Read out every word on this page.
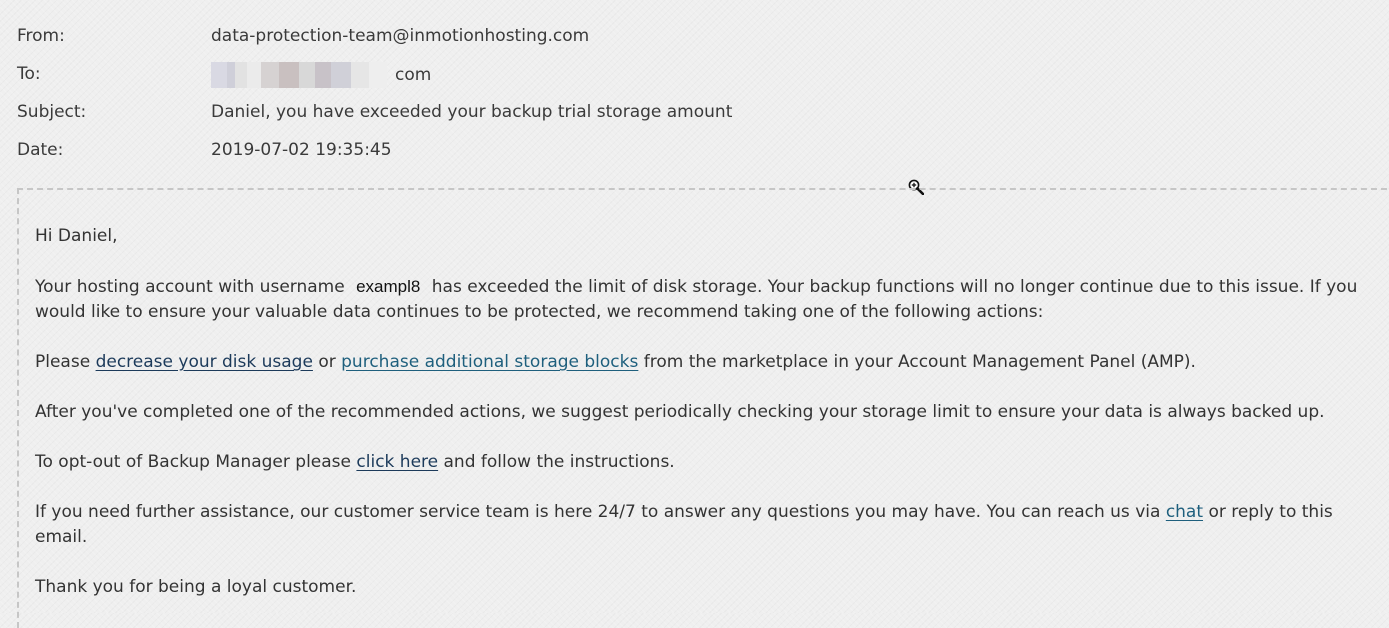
From:	data-protection-team@inmotionhosting.com
To:	com
Subject:	Daniel, you have exceeded your backup trial storage amount
Date:	2019-07-02 19:35:45

Hi Daniel,

Your hosting account with username exampl8 has exceeded the limit of disk storage. Your backup functions will no longer continue due to this issue. If you would like to ensure your valuable data continues to be protected, we recommend taking one of the following actions:

Please decrease your disk usage or purchase additional storage blocks from the marketplace in your Account Management Panel (AMP).

After you've completed one of the recommended actions, we suggest periodically checking your storage limit to ensure your data is always backed up.

To opt-out of Backup Manager please click here and follow the instructions.

If you need further assistance, our customer service team is here 24/7 to answer any questions you may have. You can reach us via chat or reply to this email.

Thank you for being a loyal customer.
